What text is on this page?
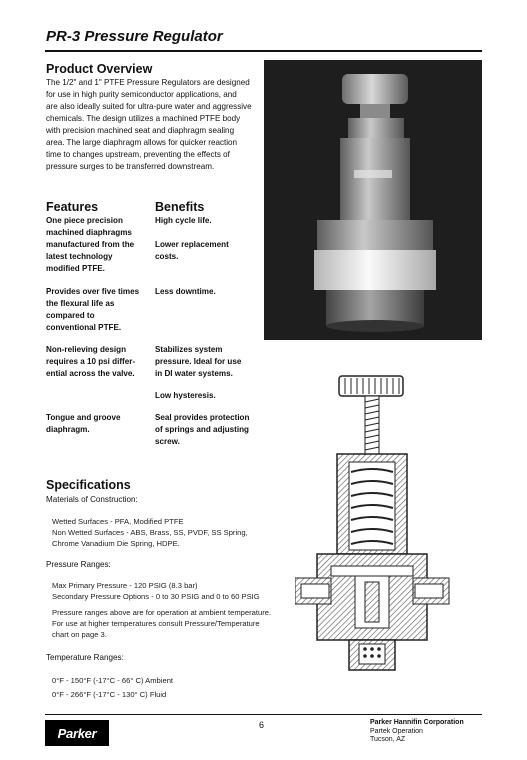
PR-3 Pressure Regulator
Product Overview
The 1/2" and 1" PTFE Pressure Regulators are designed
for use in high purity semiconductor applications, and
are also ideally suited for ultra-pure water and aggressive
chemicals. The design utilizes a machined PTFE body
with precision machined seat and diaphragm sealing
area. The large diaphragm allows for quicker reaction
time to changes upstream, preventing the effects of
pressure surges to be transferred downstream.
Features
One piece precision
machined diaphragms
manufactured from the
latest technology
modified PTFE.
Provides over five times
the flexural life as
compared to
conventional PTFE.
Non-relieving design
requires a 10 psi differ-
ential across the valve.
Tongue and groove
diaphragm.
Benefits
High cycle life.
Lower replacement
costs.
Less downtime.
Stabilizes system
pressure. Ideal for use
in DI water systems.
Low hysteresis.
Seal provides protection
of springs and adjusting
screw.
Specifications
Materials of Construction:
Wetted Surfaces - PFA, Modified PTFE
Non Wetted Surfaces - ABS, Brass, SS, PVDF, SS Spring,
Chrome Vanadium Die Spring, HDPE.
Pressure Ranges:
Max Primary Pressure - 120 PSIG (8.3 bar)
Secondary Pressure Options - 0 to 30 PSIG and 0 to 60 PSIG
Pressure ranges above are for operation at ambient temperature.
For use at higher temperatures consult Pressure/Temperature
chart on page 3.
Temperature Ranges:
0°F - 150°F (-17°C - 66° C) Ambient
0°F - 266°F (-17°C - 130° C) Fluid
Parker
6	Parker Hannifin Corporation
Partek Operation
Tucson, AZ
